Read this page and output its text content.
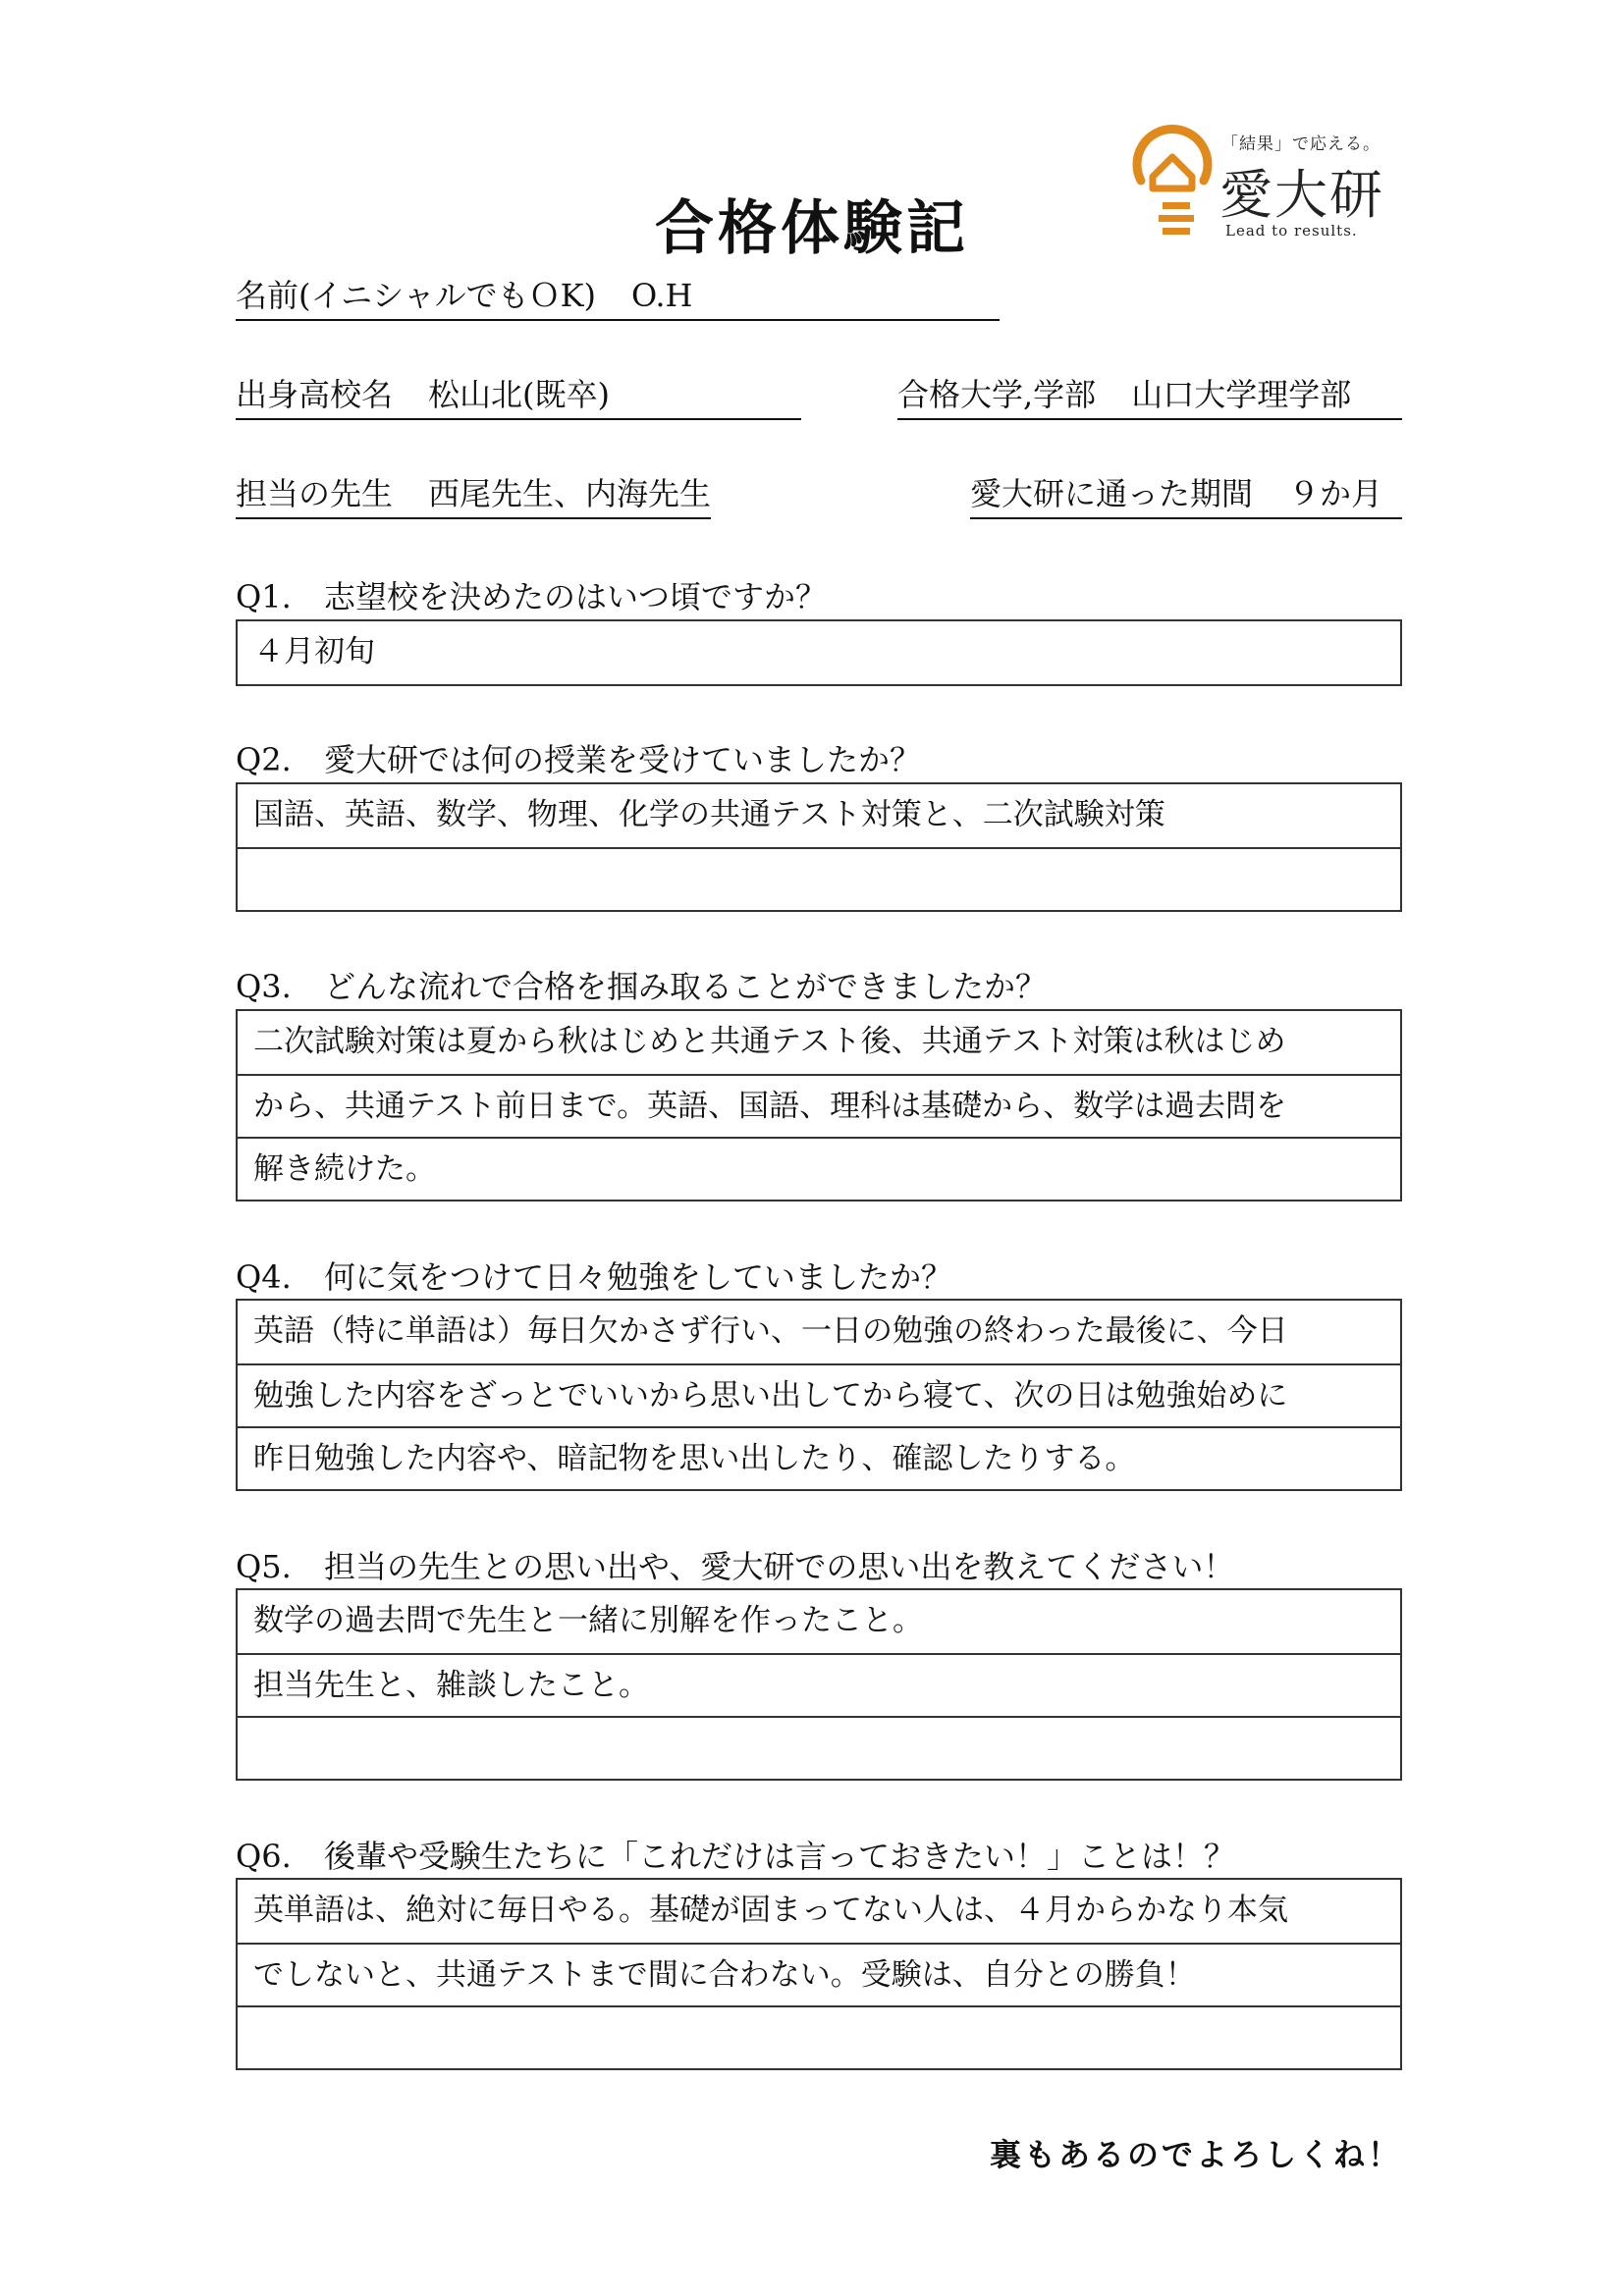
合格体験記
「結果」で応える。
愛大研
Lead to results.
名前(イニシャルでもＯK) O.H
出身高校名 松山北(既卒)	合格大学,学部 山口大学理学部
担当の先生 西尾先生、内海先生	愛大研に通った期間 ９か月
Q1. 志望校を決めたのはいつ頃ですか？
４月初旬
Q2. 愛大研では何の授業を受けていましたか？
国語、英語、数学、物理、化学の共通テスト対策と、二次試験対策
Q3. どんな流れで合格を掴み取ることができましたか？
二次試験対策は夏から秋はじめと共通テスト後、共通テスト対策は秋はじめ
から、共通テスト前日まで。英語、国語、理科は基礎から、数学は過去問を
解き続けた。
Q4. 何に気をつけて日々勉強をしていましたか？
英語（特に単語は）毎日欠かさず行い、一日の勉強の終わった最後に、今日
勉強した内容をざっとでいいから思い出してから寝て、次の日は勉強始めに
昨日勉強した内容や、暗記物を思い出したり、確認したりする。
Q5. 担当の先生との思い出や、愛大研での思い出を教えてください！
数学の過去問で先生と一緒に別解を作ったこと。
担当先生と、雑談したこと。
Q6. 後輩や受験生たちに「これだけは言っておきたい！」ことは！？
英単語は、絶対に毎日やる。基礎が固まってない人は、４月からかなり本気
でしないと、共通テストまで間に合わない。受験は、自分との勝負！
裏もあるのでよろしくね！
